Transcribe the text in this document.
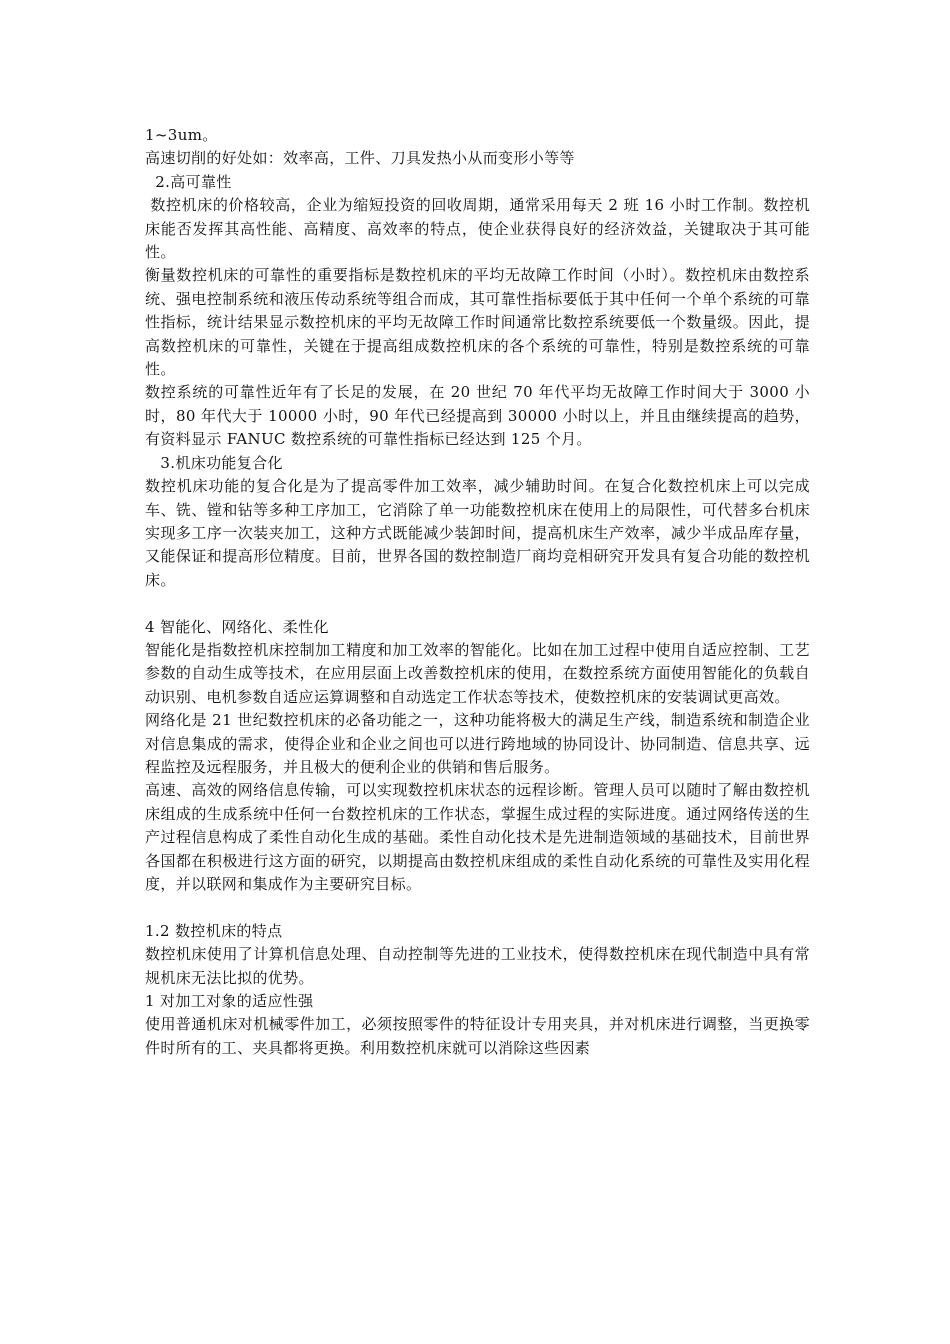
1~3um。

高速切削的好处如：效率高，工件、刀具发热小从而变形小等等

2.高可靠性

数控机床的价格较高，企业为缩短投资的回收周期，通常采用每天 2 班 16 小时工作制。数控机床能否发挥其高性能、高精度、高效率的特点，使企业获得良好的经济效益，关键取决于其可能性。

衡量数控机床的可靠性的重要指标是数控机床的平均无故障工作时间（小时）。数控机床由数控系统、强电控制系统和液压传动系统等组合而成，其可靠性指标要低于其中任何一个单个系统的可靠性指标，统计结果显示数控机床的平均无故障工作时间通常比数控系统要低一个数量级。因此，提高数控机床的可靠性，关键在于提高组成数控机床的各个系统的可靠性，特别是数控系统的可靠性。

数控系统的可靠性近年有了长足的发展，在 20 世纪 70 年代平均无故障工作时间大于 3000 小时，80 年代大于 10000 小时，90 年代已经提高到 30000 小时以上，并且由继续提高的趋势，有资料显示 FANUC 数控系统的可靠性指标已经达到 125 个月。

3.机床功能复合化

数控机床功能的复合化是为了提高零件加工效率，减少辅助时间。在复合化数控机床上可以完成车、铣、镗和钻等多种工序加工，它消除了单一功能数控机床在使用上的局限性，可代替多台机床实现多工序一次装夹加工，这种方式既能减少装卸时间，提高机床生产效率，减少半成品库存量，又能保证和提高形位精度。目前，世界各国的数控制造厂商均竞相研究开发具有复合功能的数控机床。

4 智能化、网络化、柔性化

智能化是指数控机床控制加工精度和加工效率的智能化。比如在加工过程中使用自适应控制、工艺参数的自动生成等技术，在应用层面上改善数控机床的使用，在数控系统方面使用智能化的负载自动识别、电机参数自适应运算调整和自动选定工作状态等技术，使数控机床的安装调试更高效。

网络化是 21 世纪数控机床的必备功能之一，这种功能将极大的满足生产线，制造系统和制造企业对信息集成的需求，使得企业和企业之间也可以进行跨地域的协同设计、协同制造、信息共享、远程监控及远程服务，并且极大的便利企业的供销和售后服务。

高速、高效的网络信息传输，可以实现数控机床状态的远程诊断。管理人员可以随时了解由数控机床组成的生成系统中任何一台数控机床的工作状态，掌握生成过程的实际进度。通过网络传送的生产过程信息构成了柔性自动化生成的基础。柔性自动化技术是先进制造领域的基础技术，目前世界各国都在积极进行这方面的研究，以期提高由数控机床组成的柔性自动化系统的可靠性及实用化程度，并以联网和集成作为主要研究目标。

1.2 数控机床的特点

数控机床使用了计算机信息处理、自动控制等先进的工业技术，使得数控机床在现代制造中具有常规机床无法比拟的优势。

1 对加工对象的适应性强

使用普通机床对机械零件加工，必须按照零件的特征设计专用夹具，并对机床进行调整，当更换零件时所有的工、夹具都将更换。利用数控机床就可以消除这些因素
